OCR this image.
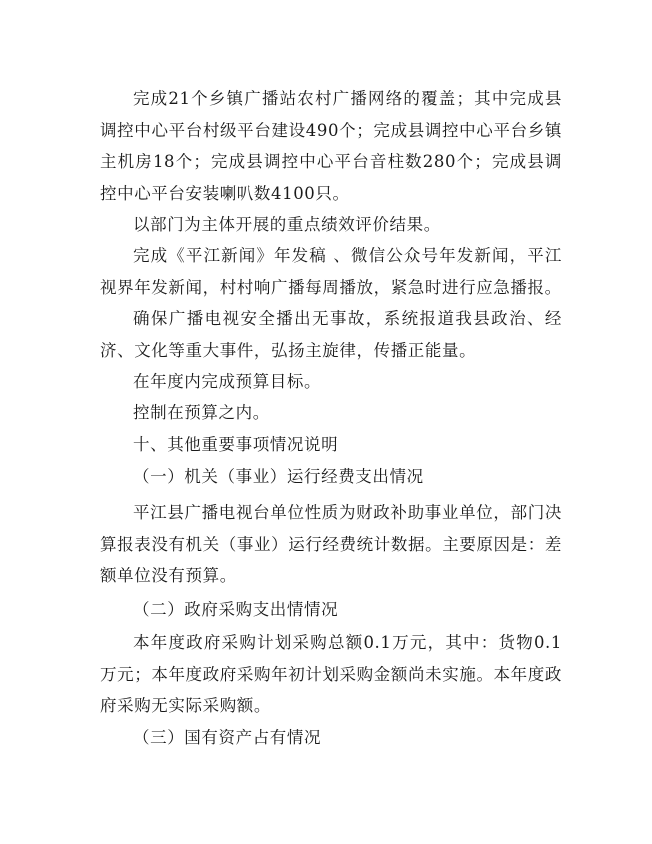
完成21个乡镇广播站农村广播网络的覆盖；其中完成县调控中心平台村级平台建设490个；完成县调控中心平台乡镇主机房18个；完成县调控中心平台音柱数280个；完成县调控中心平台安装喇叭数4100只。

以部门为主体开展的重点绩效评价结果。

完成《平江新闻》年发稿 、微信公众号年发新闻，平江视界年发新闻，村村响广播每周播放，紧急时进行应急播报。

确保广播电视安全播出无事故，系统报道我县政治、经济、文化等重大事件，弘扬主旋律，传播正能量。

在年度内完成预算目标。

控制在预算之内。

十、其他重要事项情况说明

（一）机关（事业）运行经费支出情况

平江县广播电视台单位性质为财政补助事业单位，部门决算报表没有机关（事业）运行经费统计数据。主要原因是：差额单位没有预算。

（二）政府采购支出情情况

本年度政府采购计划采购总额0.1万元，其中：货物0.1万元；本年度政府采购年初计划采购金额尚未实施。本年度政府采购无实际采购额。

（三）国有资产占有情况
